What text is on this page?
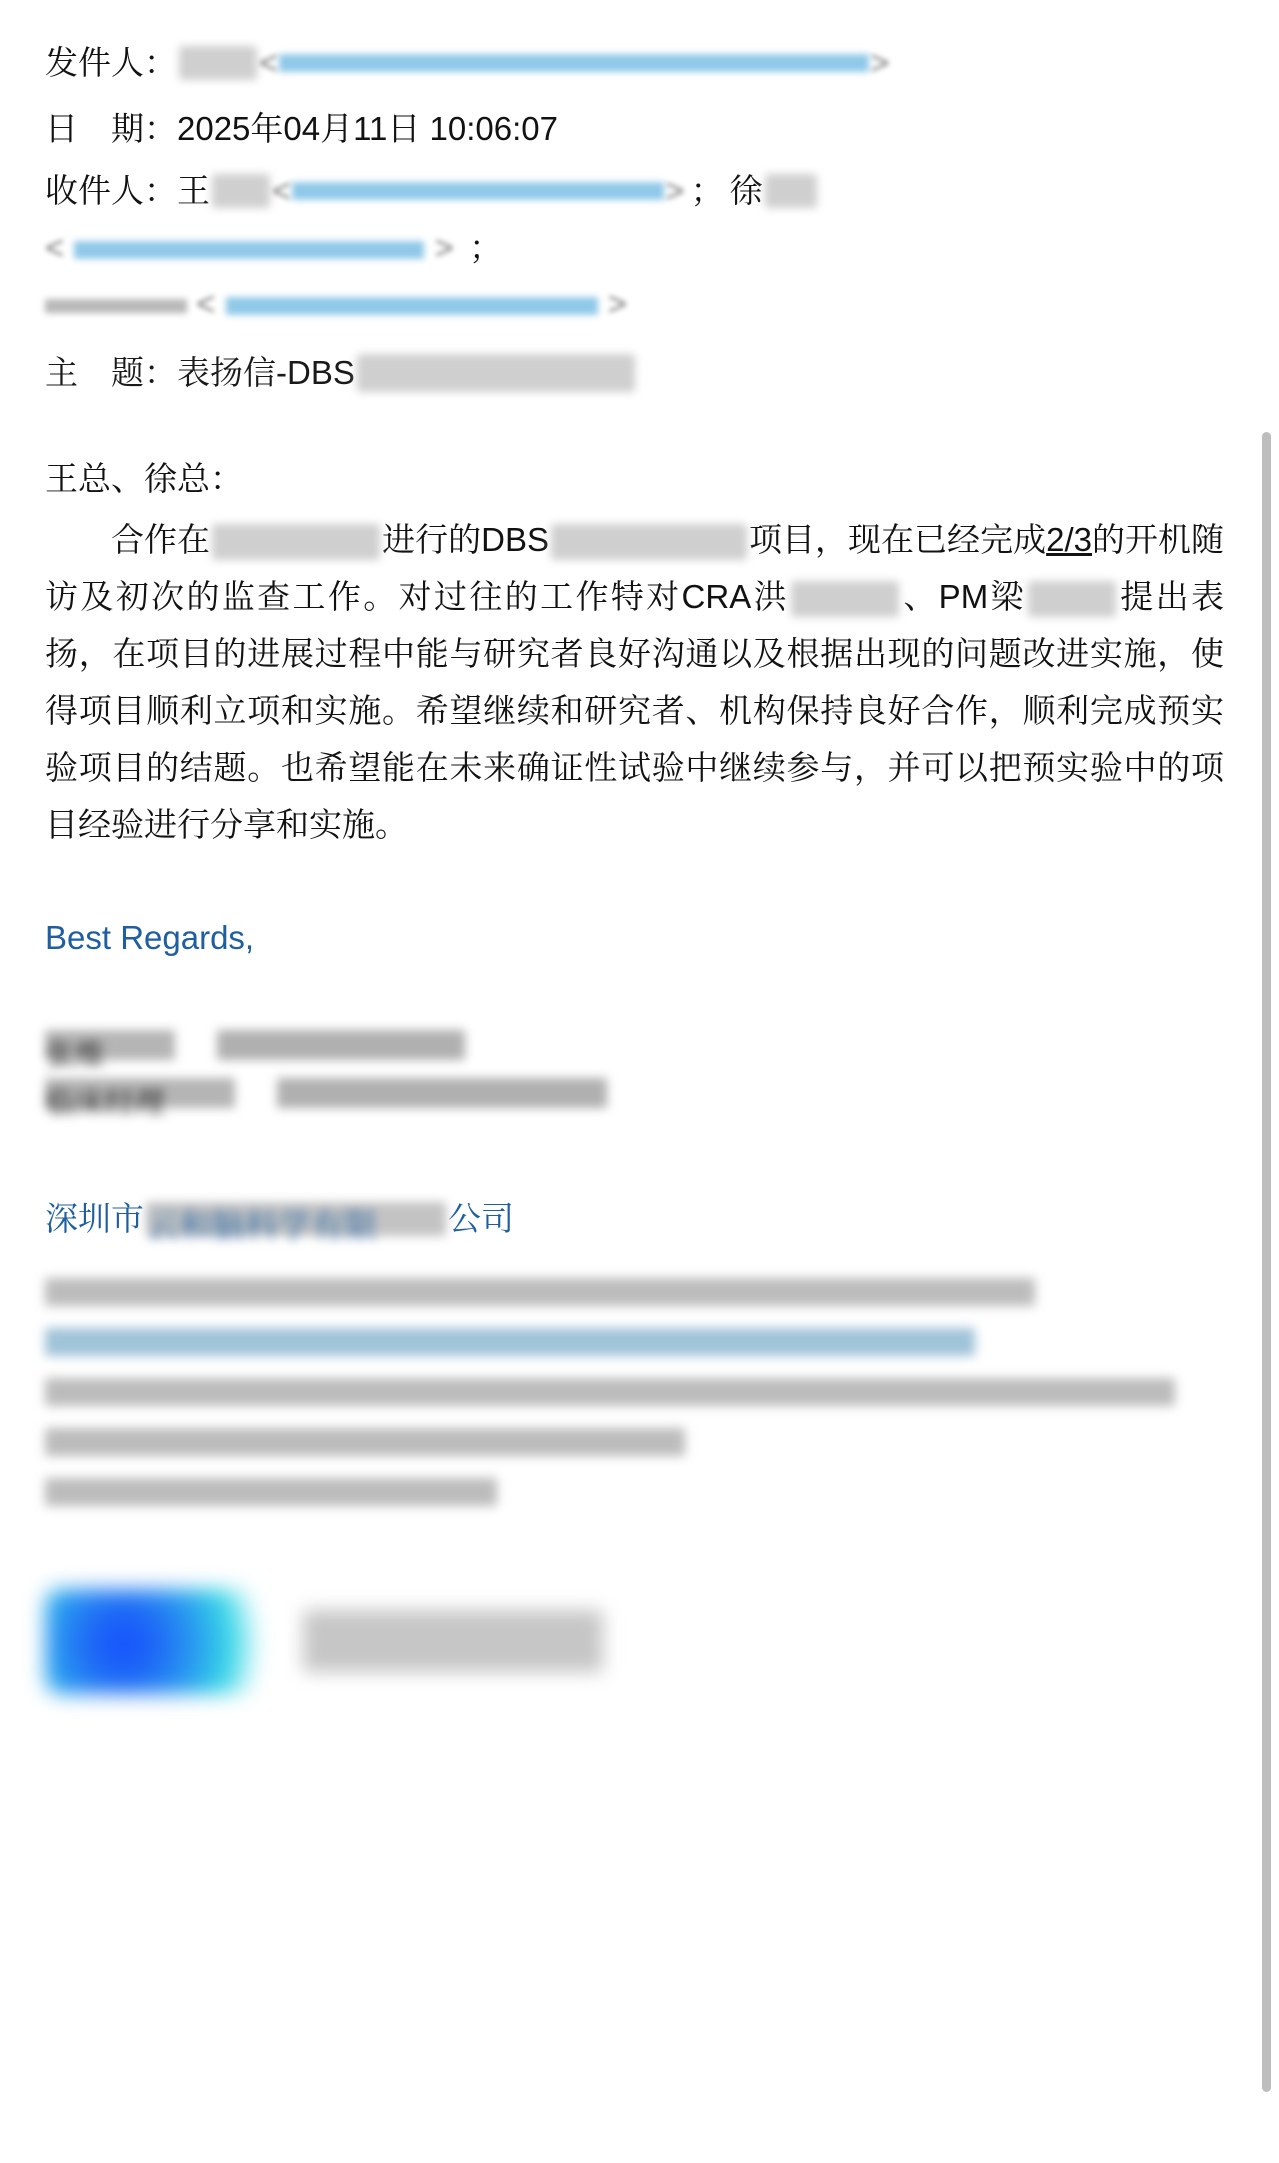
发件人： <	>
日　期： 2025年04月11日 10:06:07
收件人： 王 <	> ； 徐
<	> ；
<	>
主　题： 表扬信-DBS
王总、徐总：
合作在	进行的DBS	项目，现在已经完成2/3的开机随访及初次的监查工作。对过往的工作特对CRA洪	、PM梁	提出表扬，在项目的进展过程中能与研究者良好沟通以及根据出现的问题改进实施，使得项目顺利立项和实施。希望继续和研究者、机构保持良好合作，顺利完成预实验项目的结题。也希望能在未来确证性试验中继续参与，并可以把预实验中的项目经验进行分享和实施。
Best Regards,
张维
临床经理
深圳市 云和脑科学有限	公司
